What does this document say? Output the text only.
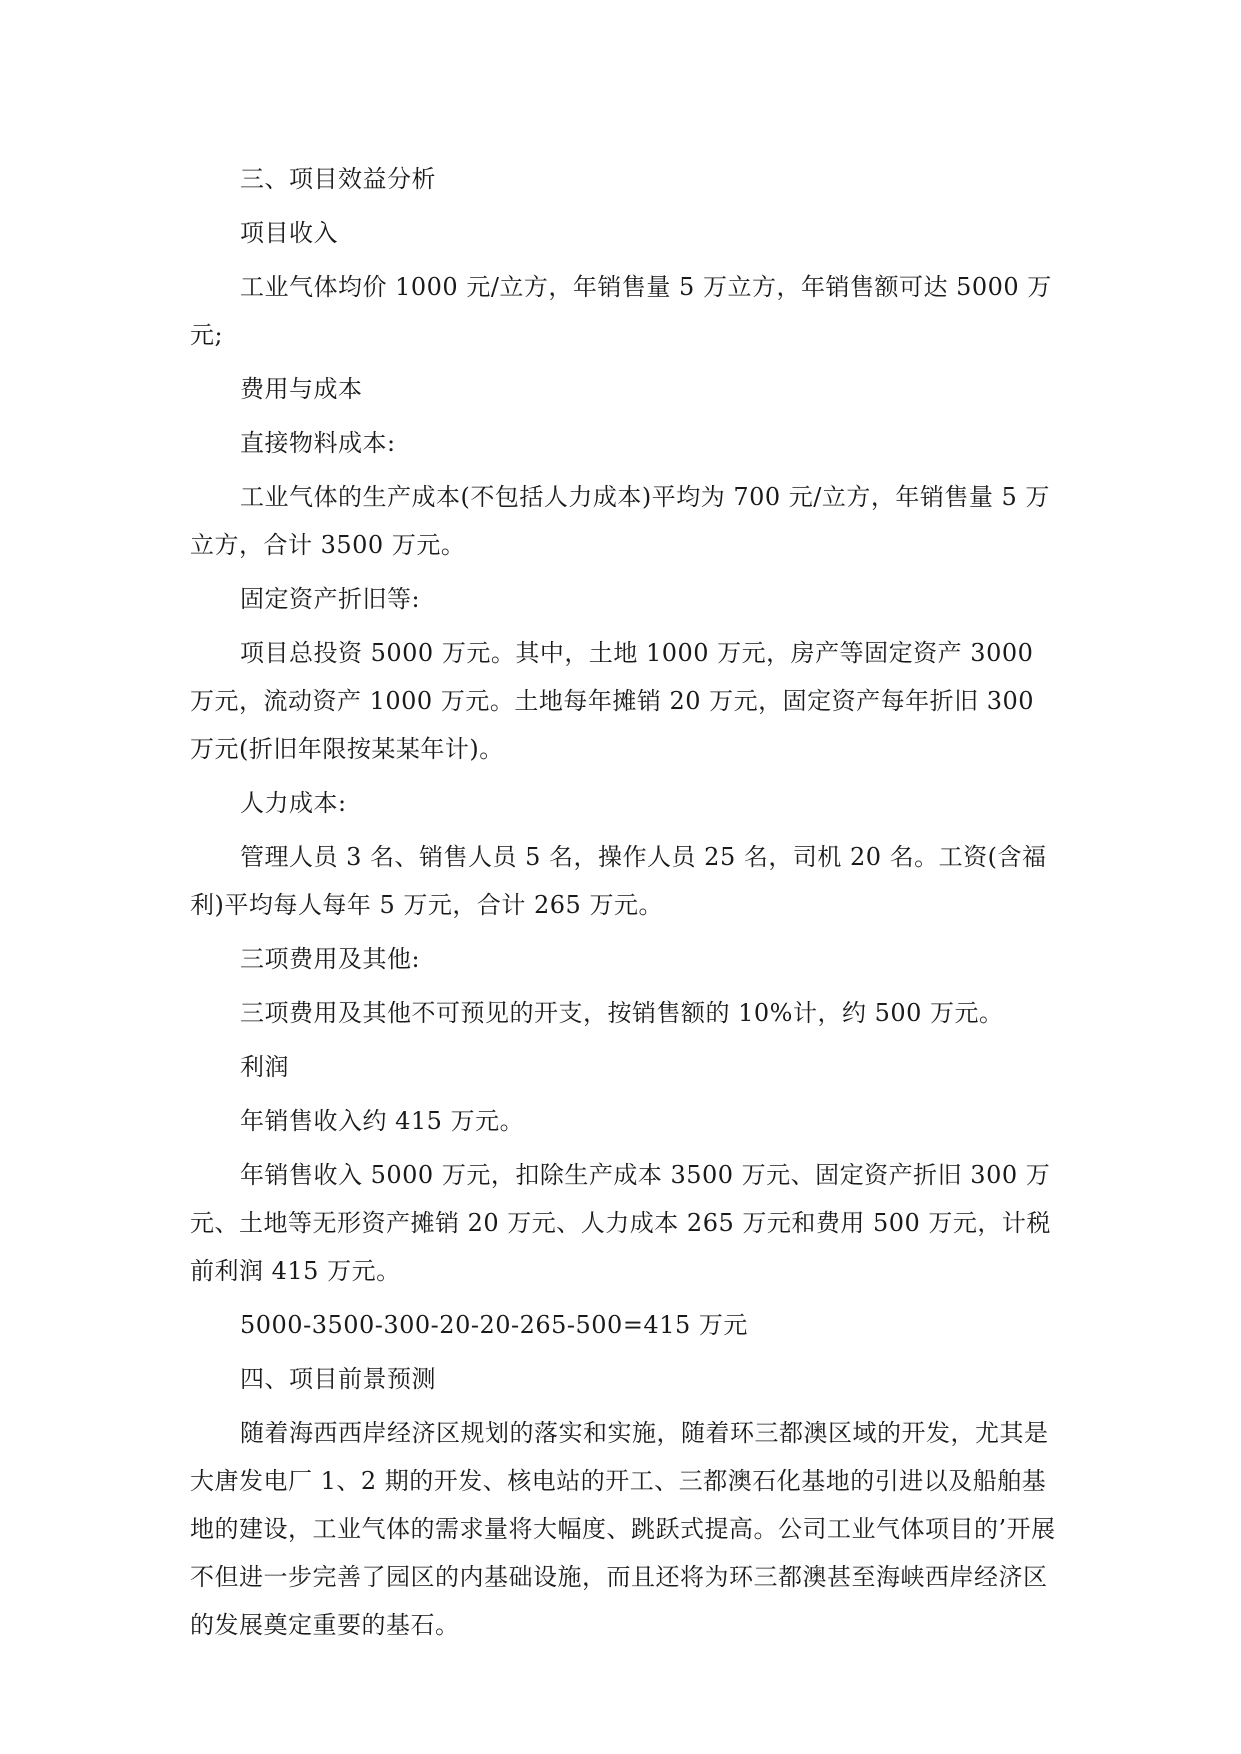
三、项目效益分析

项目收入

工业气体均价 1000 元/立方，年销售量 5 万立方，年销售额可达 5000 万元;

费用与成本

直接物料成本:

工业气体的生产成本(不包括人力成本)平均为 700 元/立方，年销售量 5 万立方，合计 3500 万元。

固定资产折旧等:

项目总投资 5000 万元。其中，土地 1000 万元，房产等固定资产 3000 万元，流动资产 1000 万元。土地每年摊销 20 万元，固定资产每年折旧 300 万元(折旧年限按某某年计)。

人力成本:

管理人员 3 名、销售人员 5 名，操作人员 25 名，司机 20 名。工资(含福利)平均每人每年 5 万元，合计 265 万元。

三项费用及其他:

三项费用及其他不可预见的开支，按销售额的 10%计，约 500 万元。

利润

年销售收入约 415 万元。

年销售收入 5000 万元，扣除生产成本 3500 万元、固定资产折旧 300 万元、土地等无形资产摊销 20 万元、人力成本 265 万元和费用 500 万元，计税前利润 415 万元。

5000-3500-300-20-20-265-500=415 万元

四、项目前景预测

随着海西西岸经济区规划的落实和实施，随着环三都澳区域的开发，尤其是大唐发电厂 1、2 期的开发、核电站的开工、三都澳石化基地的引进以及船舶基地的建设，工业气体的需求量将大幅度、跳跃式提高。公司工业气体项目的’开展不但进一步完善了园区的内基础设施，而且还将为环三都澳甚至海峡西岸经济区的发展奠定重要的基石。
